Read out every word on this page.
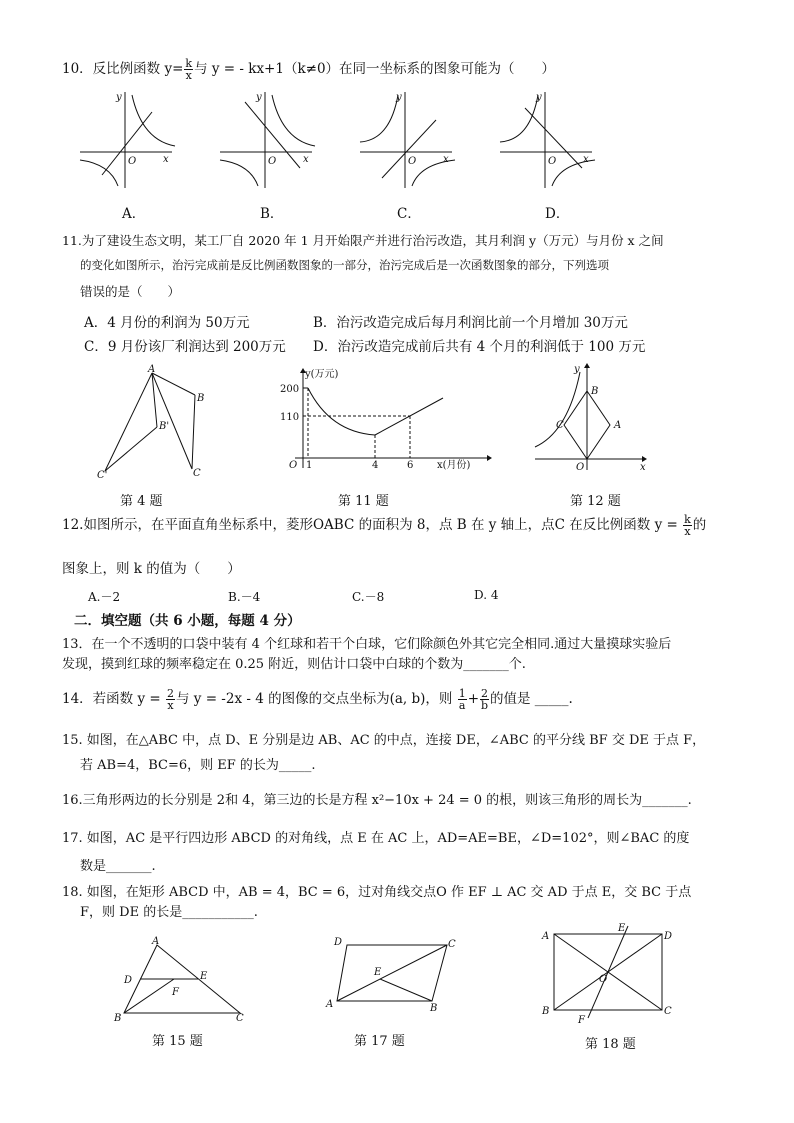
10．反比例函数 $y= \frac{k}{x}$ 与 y = - kx+1（k≠0）在同一坐标系的图象可能为（　　）
y
x
O
y
x
O
y
x
O
y
x
O
A．	B．	C．	D．
11.为了建设生态文明，某工厂自 2020 年 1 月开始限产并进行治污改造，其月利润 y（万元）与月份 x 之间
的变化如图所示，治污完成前是反比例函数图象的一部分，治污完成后是一次函数图象的部分，下列选项
错误的是（　　）
A．4 月份的利润为 50万元	B．治污改造完成后每月利润比前一个月增加 30万元
C．9 月份该厂利润达到 200万元 D．治污改造完成前后共有 4 个月的利润低于 100 万元
A
B
B'
C
C'
y(万元)
x(月份)
200
110
O 1	4	6
y
x
O
A
B
C
第 4 题	第 11 题	第 12 题
12.如图所示，在平面直角坐标系中，菱形OABC 的面积为 8，点 B 在 y 轴上，点C 在反比例函数 $y = \frac{k}{x}$ 的
图象上，则 k 的值为（　　）
A.－2	B.－4	C.－8	D. 4
二．填空题（共 6 小题，每题 4 分）
13．在一个不透明的口袋中装有 4 个红球和若干个白球，它们除颜色外其它完全相同.通过大量摸球实验后
发现，摸到红球的频率稳定在 0.25 附近，则估计口袋中白球的个数为_______个.
14．若函数 $y = \frac{2}{x}$ 与 y = -2x - 4 的图像的交点坐标为(a, b)，则 $\frac{1}{a} + \frac{2}{b}$ 的值是 _____.
15. 如图，在△ABC 中，点 D、E 分别是边 AB、AC 的中点，连接 DE，∠ABC 的平分线 BF 交 DE 于点 F，
若 AB=4，BC=6，则 EF 的长为_____.
16.三角形两边的长分别是 2和 4，第三边的长是方程 x²−10x + 24 = 0 的根，则该三角形的周长为_______.
17. 如图，AC 是平行四边形 ABCD 的对角线，点 E 在 AC 上，AD=AE=BE，∠D=102°，则∠BAC 的度
数是_______.
18. 如图，在矩形 ABCD 中，AB = 4，BC = 6，过对角线交点O 作 EF ⊥ AC 交 AD 于点 E，交 BC 于点
F，则 DE 的长是___________.
A
B	C
D	E
F
A	B
C
D
E
A
B	C
D
E
F
O
第 15 题	第 17 题	第 18 题
